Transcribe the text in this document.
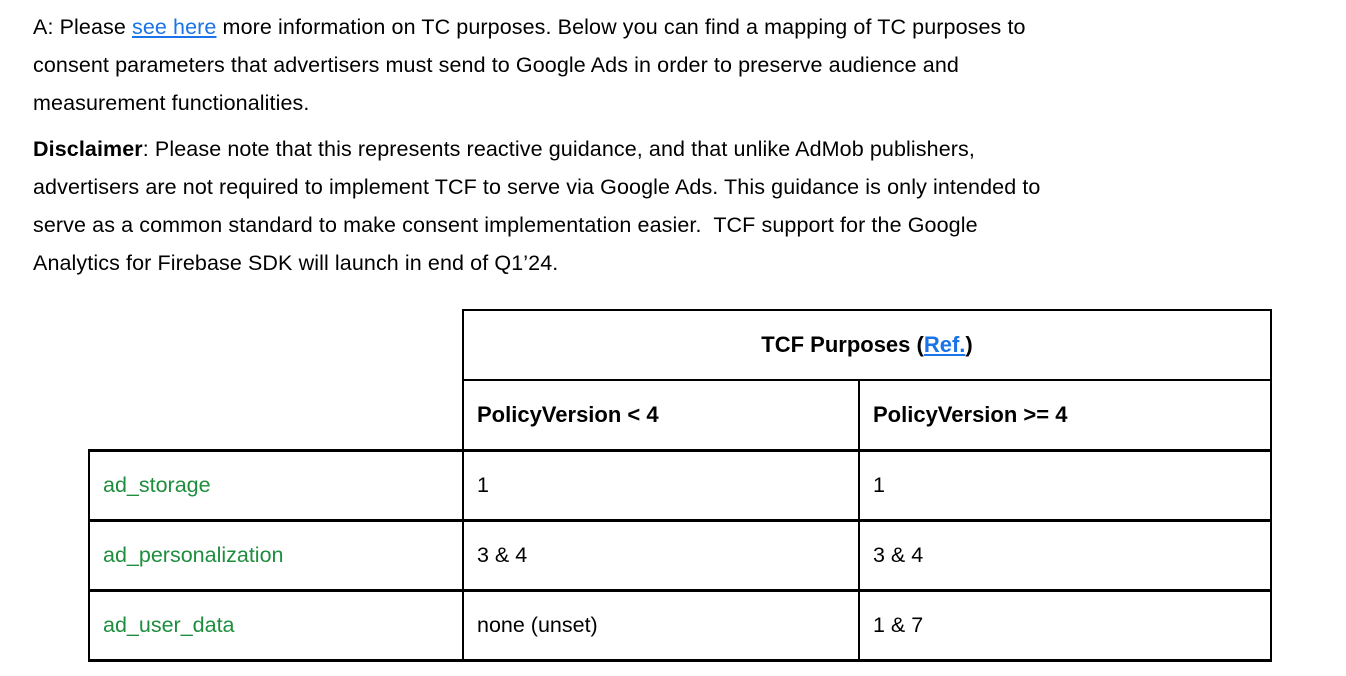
A: Please see here more information on TC purposes. Below you can find a mapping of TC purposes to
consent parameters that advertisers must send to Google Ads in order to preserve audience and
measurement functionalities.
Disclaimer: Please note that this represents reactive guidance, and that unlike AdMob publishers,
advertisers are not required to implement TCF to serve via Google Ads. This guidance is only intended to
serve as a common standard to make consent implementation easier.  TCF support for the Google
Analytics for Firebase SDK will launch in end of Q1’24.
	TCF Purposes (Ref.)	
	PolicyVersion < 4	PolicyVersion >= 4
ad_storage	1	1
ad_personalization	3 & 4	3 & 4
ad_user_data	none (unset)	1 & 7
